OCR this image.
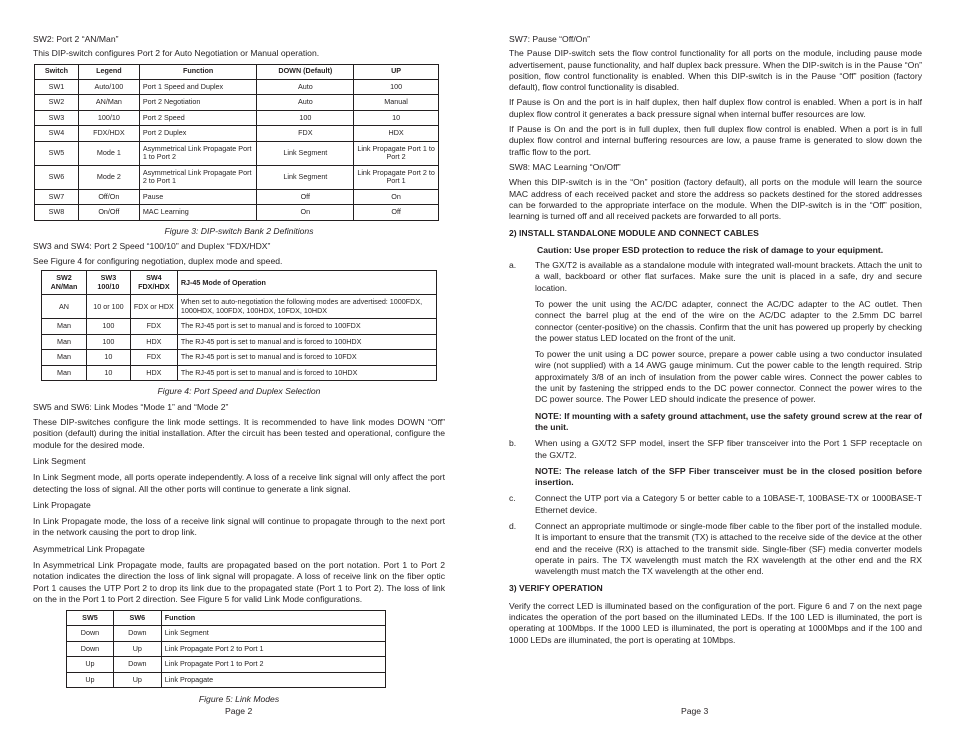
SW2: Port 2 “AN/Man”

This DIP-switch configures Port 2 for Auto Negotiation or Manual operation.

Switch	Legend	Function	DOWN (Default)	UP
SW1	Auto/100	Port 1 Speed and Duplex	Auto	100
SW2	AN/Man	Port 2 Negotiation	Auto	Manual
SW3	100/10	Port 2 Speed	100	10
SW4	FDX/HDX	Port 2 Duplex	FDX	HDX
SW5	Mode 1	Asymmetrical Link Propagate Port 1 to Port 2	Link Segment	Link Propagate Port 1 to Port 2
SW6	Mode 2	Asymmetrical Link Propagate Port 2 to Port 1	Link Segment	Link Propagate Port 2 to Port 1
SW7	Off/On	Pause	Off	On
SW8	On/Off	MAC Learning	On	Off

Figure 3: DIP-switch Bank 2 Definitions

SW3 and SW4: Port 2 Speed “100/10” and Duplex “FDX/HDX”

See Figure 4 for configuring negotiation, duplex mode and speed.

SW2 AN/Man	SW3 100/10	SW4 FDX/HDX	RJ-45 Mode of Operation
AN	10 or 100	FDX or HDX	When set to auto-negotiation the following modes are advertised: 1000FDX, 1000HDX, 100FDX, 100HDX, 10FDX, 10HDX
Man	100	FDX	The RJ-45 port is set to manual and is forced to 100FDX
Man	100	HDX	The RJ-45 port is set to manual and is forced to 100HDX
Man	10	FDX	The RJ-45 port is set to manual and is forced to 10FDX
Man	10	HDX	The RJ-45 port is set to manual and is forced to 10HDX

Figure 4: Port Speed and Duplex Selection

SW5 and SW6: Link Modes “Mode 1” and “Mode 2”

These DIP-switches configure the link mode settings. It is recommended to have link modes DOWN “Off” position (default) during the initial installation. After the circuit has been tested and operational, configure the module for the desired mode.

Link Segment

In Link Segment mode, all ports operate independently. A loss of a receive link signal will only affect the port detecting the loss of signal. All the other ports will continue to generate a link signal.

Link Propagate

In Link Propagate mode, the loss of a receive link signal will continue to propagate through to the next port in the network causing the port to drop link.

Asymmetrical Link Propagate

In Asymmetrical Link Propagate mode, faults are propagated based on the port notation. Port 1 to Port 2 notation indicates the direction the loss of link signal will propagate. A loss of receive link on the fiber optic Port 1 causes the UTP Port 2 to drop its link due to the propagated state (Port 1 to Port 2). The loss of link on the in the Port 1 to Port 2 direction. See Figure 5 for valid Link Mode configurations.

SW5	SW6	Function
Down	Down	Link Segment
Down	Up	Link Propagate Port 2 to Port 1
Up	Down	Link Propagate Port 1 to Port 2
Up	Up	Link Propagate

Figure 5: Link Modes

Page 2

SW7: Pause “Off/On”

The Pause DIP-switch sets the flow control functionality for all ports on the module, including pause mode advertisement, pause functionality, and half duplex back pressure. When the DIP-switch is in the Pause “On” position, flow control functionality is enabled. When this DIP-switch is in the Pause “Off” position (factory default), flow control functionality is disabled.

If Pause is On and the port is in half duplex, then half duplex flow control is enabled. When a port is in half duplex flow control it generates a back pressure signal when internal buffer resources are low.

If Pause is On and the port is in full duplex, then full duplex flow control is enabled. When a port is in full duplex flow control and internal buffering resources are low, a pause frame is generated to slow down the traffic flow to the port.

SW8: MAC Learning “On/Off”

When this DIP-switch is in the “On” position (factory default), all ports on the module will learn the source MAC address of each received packet and store the address so packets destined for the stored addresses can be forwarded to the appropriate interface on the module. When the DIP-switch is in the “Off” position, learning is turned off and all received packets are forwarded to all ports.

2) INSTALL STANDALONE MODULE AND CONNECT CABLES

Caution: Use proper ESD protection to reduce the risk of damage to your equipment.

a. The GX/T2 is available as a standalone module with integrated wall-mount brackets. Attach the unit to a wall, backboard or other flat surfaces. Make sure the unit is placed in a safe, dry and secure location.

To power the unit using the AC/DC adapter, connect the AC/DC adapter to the AC outlet. Then connect the barrel plug at the end of the wire on the AC/DC adapter to the 2.5mm DC barrel connector (center-positive) on the chassis. Confirm that the unit has powered up properly by checking the power status LED located on the front of the unit.

To power the unit using a DC power source, prepare a power cable using a two conductor insulated wire (not supplied) with a 14 AWG gauge minimum. Cut the power cable to the length required. Strip approximately 3/8 of an inch of insulation from the power cable wires. Connect the power cables to the unit by fastening the stripped ends to the DC power connector. Connect the power wires to the DC power source. The Power LED should indicate the presence of power.

NOTE: If mounting with a safety ground attachment, use the safety ground screw at the rear of the unit.

b. When using a GX/T2 SFP model, insert the SFP fiber transceiver into the Port 1 SFP receptacle on the GX/T2.

NOTE: The release latch of the SFP Fiber transceiver must be in the closed position before insertion.

c. Connect the UTP port via a Category 5 or better cable to a 10BASE-T, 100BASE-TX or 1000BASE-T Ethernet device.

d. Connect an appropriate multimode or single-mode fiber cable to the fiber port of the installed module. It is important to ensure that the transmit (TX) is attached to the receive side of the device at the other end and the receive (RX) is attached to the transmit side. Single-fiber (SF) media converter models operate in pairs. The TX wavelength must match the RX wavelength at the other end and the RX wavelength must match the TX wavelength at the other end.

3) VERIFY OPERATION

Verify the correct LED is illuminated based on the configuration of the port. Figure 6 and 7 on the next page indicates the operation of the port based on the illuminated LEDs. If the 100 LED is illuminated, the port is operating at 100Mbps. If the 1000 LED is illuminated, the port is operating at 1000Mbps and if the 100 and 1000 LEDs are illuminated, the port is operating at 10Mbps.

Page 3
